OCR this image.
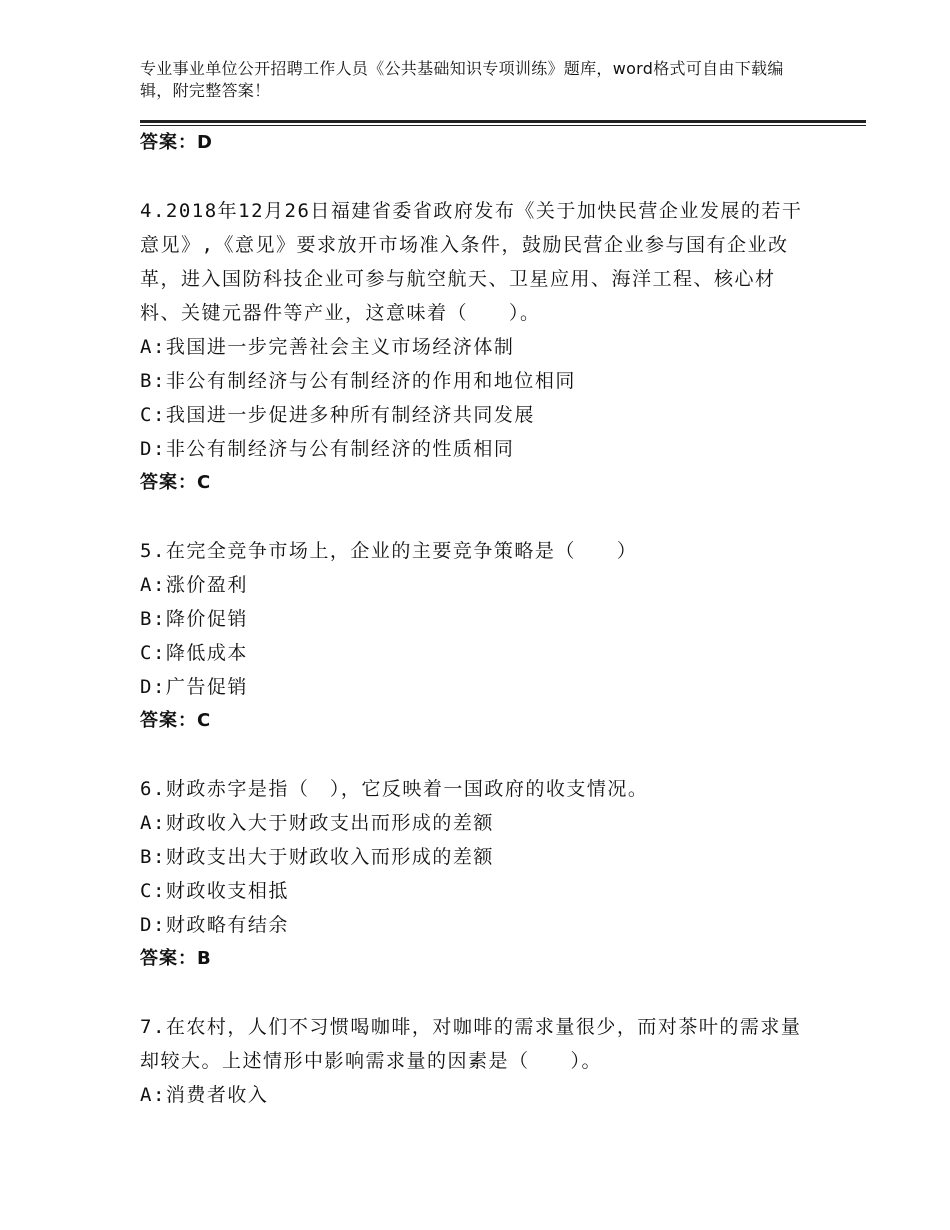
专业事业单位公开招聘工作人员《公共基础知识专项训练》题库，word格式可自由下载编辑，附完整答案！
答案：D
4.2018年12月26日福建省委省政府发布《关于加快民营企业发展的若干意见》,《意见》要求放开市场准入条件，鼓励民营企业参与国有企业改革，进入国防科技企业可参与航空航天、卫星应用、海洋工程、核心材料、关键元器件等产业，这意味着（　　）。
A:我国进一步完善社会主义市场经济体制
B:非公有制经济与公有制经济的作用和地位相同
C:我国进一步促进多种所有制经济共同发展
D:非公有制经济与公有制经济的性质相同
答案：C
5.在完全竞争市场上，企业的主要竞争策略是（　　）
A:涨价盈利
B:降价促销
C:降低成本
D:广告促销
答案：C
6.财政赤字是指（　），它反映着一国政府的收支情况。
A:财政收入大于财政支出而形成的差额
B:财政支出大于财政收入而形成的差额
C:财政收支相抵
D:财政略有结余
答案：B
7.在农村，人们不习惯喝咖啡，对咖啡的需求量很少，而对茶叶的需求量却较大。上述情形中影响需求量的因素是（　　）。
A:消费者收入
